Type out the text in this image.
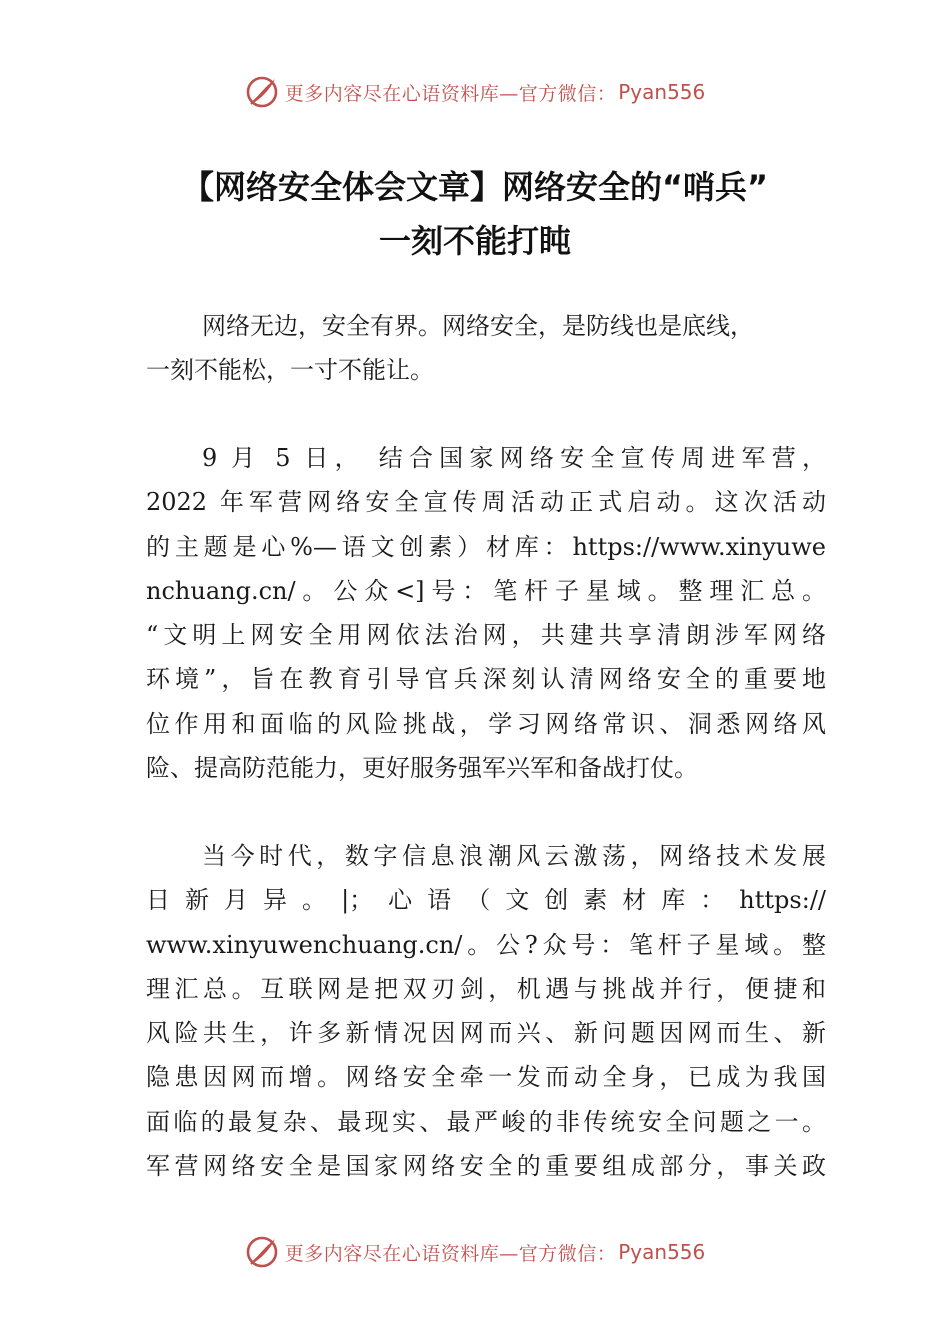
更多内容尽在心语资料库—官方微信： Pyan556
【网络安全体会文章】网络安全的“哨兵”
一刻不能打盹
网络无边，安全有界。网络安全，是防线也是底线，
一刻不能松，一寸不能让。
9 月 5 日， 结合国家网络安全宣传周进军营，
2022 年军营网络安全宣传周活动正式启动。这次活动
的主题是心%—语文创素）材库：https://www.xinyuwe
nchuang.cn/。公众<]号：笔杆子星域。整理汇总。
“文明上网安全用网依法治网，共建共享清朗涉军网络
环境”，旨在教育引导官兵深刻认清网络安全的重要地
位作用和面临的风险挑战，学习网络常识、洞悉网络风
险、提高防范能力，更好服务强军兴军和备战打仗。
当今时代，数字信息浪潮风云激荡，网络技术发展
日新月异。|；心语（文创素材库：https://
www.xinyuwenchuang.cn/。公?众号：笔杆子星域。整
理汇总。互联网是把双刃剑，机遇与挑战并行，便捷和
风险共生，许多新情况因网而兴、新问题因网而生、新
隐患因网而增。网络安全牵一发而动全身，已成为我国
面临的最复杂、最现实、最严峻的非传统安全问题之一。
军营网络安全是国家网络安全的重要组成部分，事关政
更多内容尽在心语资料库—官方微信： Pyan556
